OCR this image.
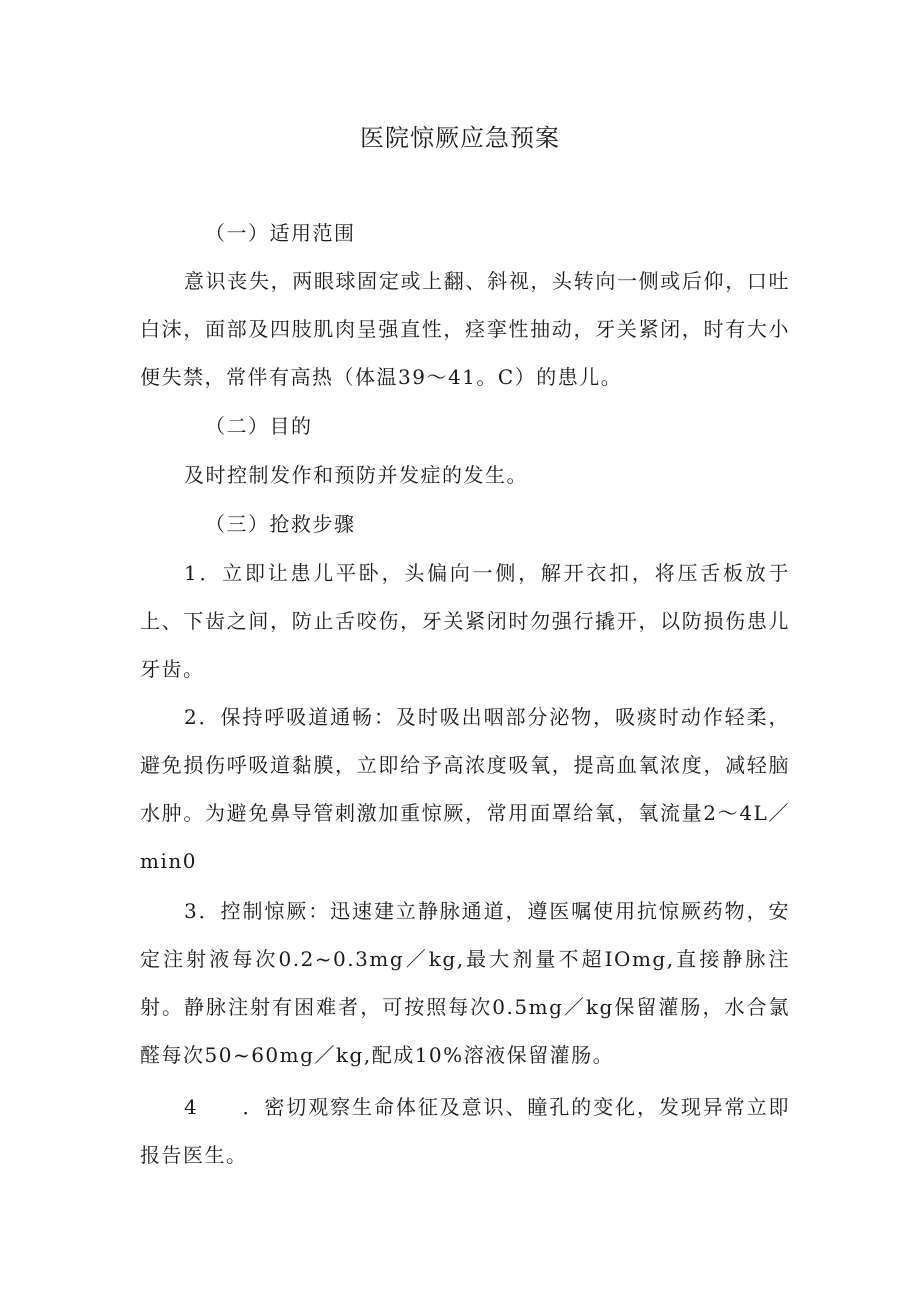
医院惊厥应急预案

（一）适用范围

意识丧失，两眼球固定或上翻、斜视，头转向一侧或后仰，口吐白沫，面部及四肢肌肉呈强直性，痉挛性抽动，牙关紧闭，时有大小便失禁，常伴有高热（体温39～41。C）的患儿。

（二）目的

及时控制发作和预防并发症的发生。

（三）抢救步骤

1．立即让患儿平卧，头偏向一侧，解开衣扣，将压舌板放于上、下齿之间，防止舌咬伤，牙关紧闭时勿强行撬开，以防损伤患儿牙齿。

2．保持呼吸道通畅：及时吸出咽部分泌物，吸痰时动作轻柔，避免损伤呼吸道黏膜，立即给予高浓度吸氧，提高血氧浓度，减轻脑水肿。为避免鼻导管刺激加重惊厥，常用面罩给氧，氧流量2～4L／min0

3．控制惊厥：迅速建立静脉通道，遵医嘱使用抗惊厥药物，安定注射液每次0.2~0.3mg／kg,最大剂量不超IOmg,直接静脉注射。静脉注射有困难者，可按照每次0.5mg／kg保留灌肠，水合氯醛每次50~60mg／kg,配成10%溶液保留灌肠。

4　　．密切观察生命体征及意识、瞳孔的变化，发现异常立即报告医生。
